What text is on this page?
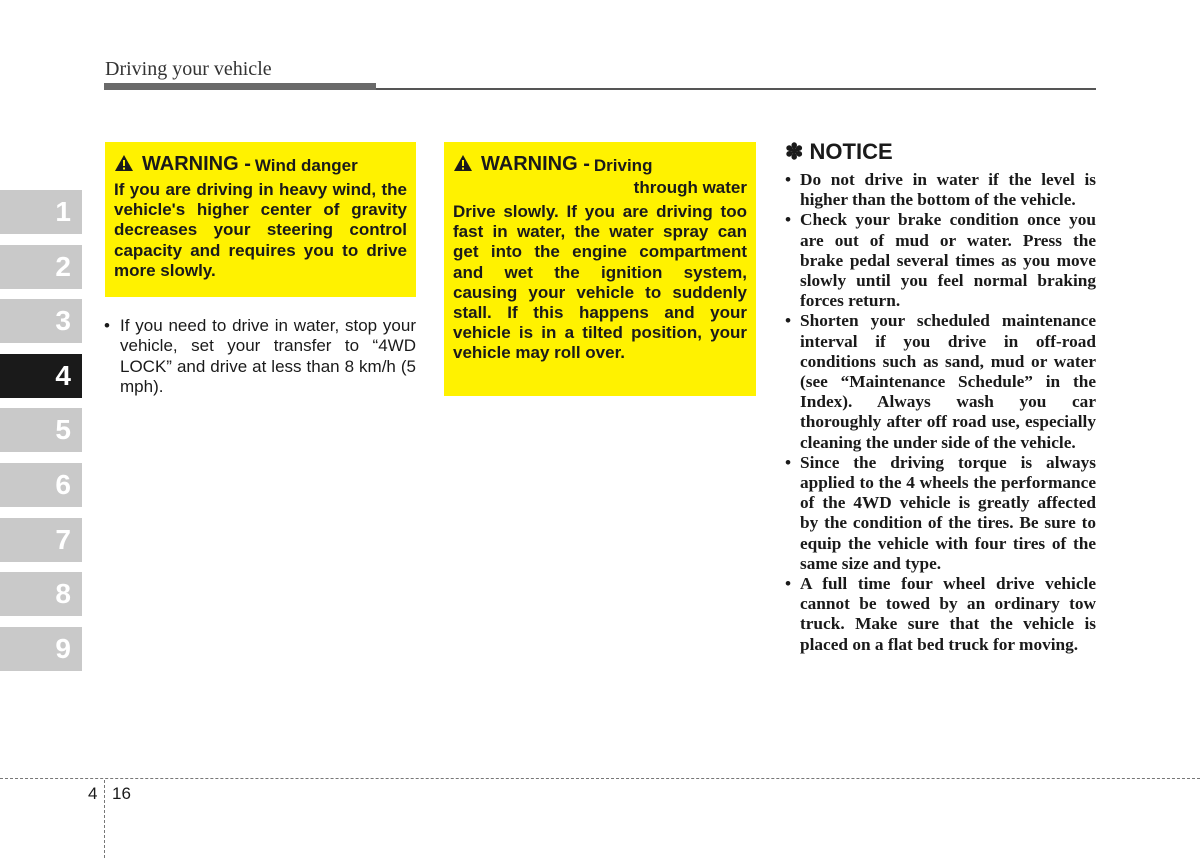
Driving your vehicle
1
2
3
4
5
6
7
8
9
WARNING - Wind danger
If you are driving in heavy wind, the vehicle's higher center of gravity decreases your steering control capacity and requires you to drive more slowly.
• If you need to drive in water, stop your vehicle, set your transfer to “4WD LOCK” and drive at less than 8 km/h (5 mph).
WARNING - Driving
through water
Drive slowly. If you are driving too fast in water, the water spray can get into the engine compartment and wet the ignition system, causing your vehicle to suddenly stall. If this happens and your vehicle is in a tilted position, your vehicle may roll over.
✽ NOTICE
• Do not drive in water if the level is higher than the bottom of the vehicle.
• Check your brake condition once you are out of mud or water. Press the brake pedal several times as you move slowly until you feel normal braking forces return.
• Shorten your scheduled maintenance interval if you drive in off-road conditions such as sand, mud or water (see “Maintenance Schedule” in the Index). Always wash you car thoroughly after off road use, especially cleaning the under side of the vehicle.
• Since the driving torque is always applied to the 4 wheels the performance of the 4WD vehicle is greatly affected by the condition of the tires. Be sure to equip the vehicle with four tires of the same size and type.
• A full time four wheel drive vehicle cannot be towed by an ordinary tow truck. Make sure that the vehicle is placed on a flat bed truck for moving.
4 16
